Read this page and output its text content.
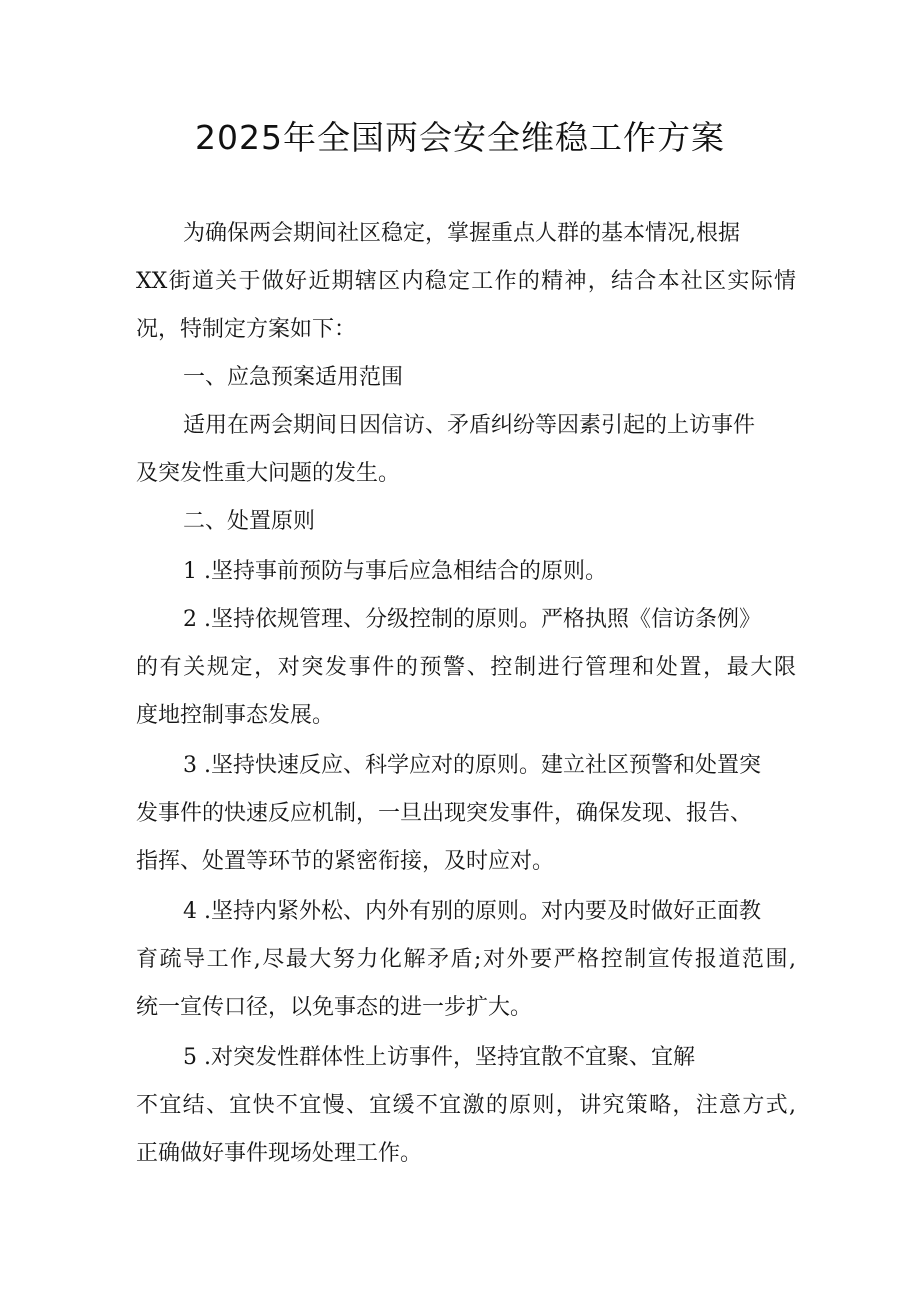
2025年全国两会安全维稳工作方案
为确保两会期间社区稳定，掌握重点人群的基本情况,根据
XX街道关于做好近期辖区内稳定工作的精神，结合本社区实际情
况，特制定方案如下：
一、应急预案适用范围
适用在两会期间日因信访、矛盾纠纷等因素引起的上访事件
及突发性重大问题的发生。
二、处置原则
1 .坚持事前预防与事后应急相结合的原则。
2 .坚持依规管理、分级控制的原则。严格执照《信访条例》
的有关规定，对突发事件的预警、控制进行管理和处置，最大限
度地控制事态发展。
3 .坚持快速反应、科学应对的原则。建立社区预警和处置突
发事件的快速反应机制，一旦出现突发事件，确保发现、报告、
指挥、处置等环节的紧密衔接，及时应对。
4 .坚持内紧外松、内外有别的原则。对内要及时做好正面教
育疏导工作,尽最大努力化解矛盾;对外要严格控制宣传报道范围,
统一宣传口径，以免事态的进一步扩大。
5 .对突发性群体性上访事件，坚持宜散不宜聚、宜解
不宜结、宜快不宜慢、宜缓不宜激的原则，讲究策略，注意方式,
正确做好事件现场处理工作。
